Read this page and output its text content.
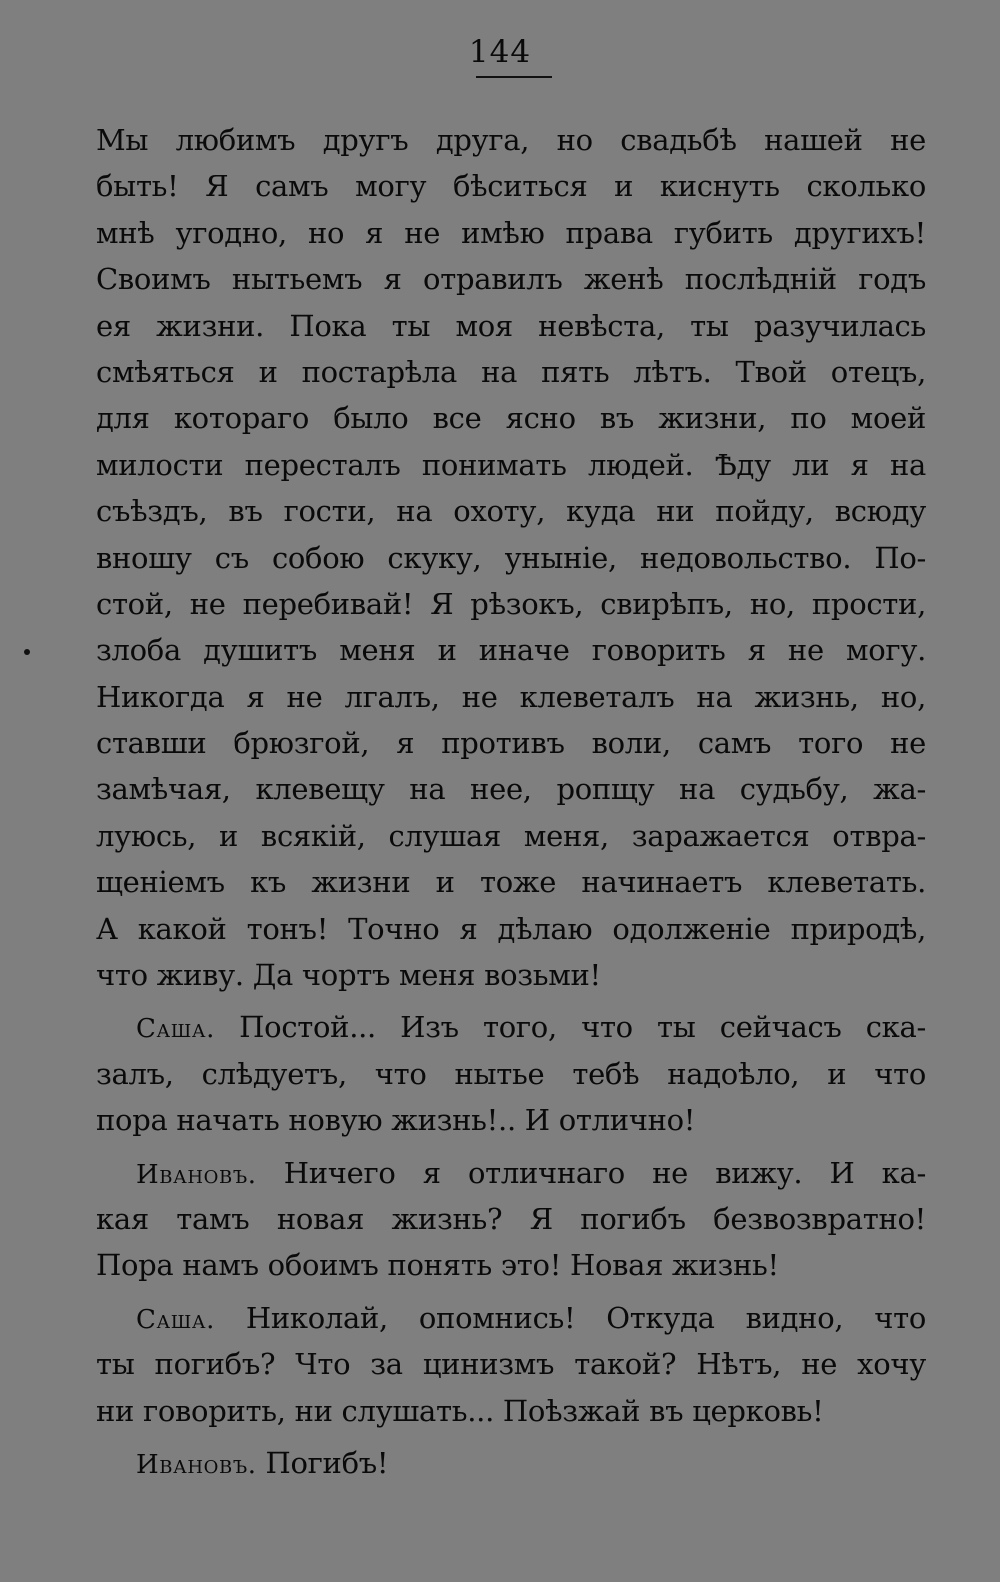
144
Мы любимъ другъ друга, но свадьбѣ нашей не
быть! Я самъ могу бѣситься и киснуть сколько
мнѣ угодно, но я не имѣю права губить другихъ!
Своимъ нытьемъ я отравилъ женѣ послѣдній годъ
ея жизни. Пока ты моя невѣста, ты разучилась
смѣяться и постарѣла на пять лѣтъ. Твой отецъ,
для котораго было все ясно въ жизни, по моей
милости пересталъ понимать людей. Ѣду ли я на
съѣздъ, въ гости, на охоту, куда ни пойду, всюду
вношу съ собою скуку, уныніе, недовольство. По-
стой, не перебивай! Я рѣзокъ, свирѣпъ, но, прости,
злоба душитъ меня и иначе говорить я не могу.
Никогда я не лгалъ, не клеветалъ на жизнь, но,
ставши брюзгой, я противъ воли, самъ того не
замѣчая, клевещу на нее, ропщу на судьбу, жа-
луюсь, и всякій, слушая меня, заражается отвра-
щеніемъ къ жизни и тоже начинаетъ клеветать.
А какой тонъ! Точно я дѣлаю одолженіе природѣ,
что живу. Да чортъ меня возьми!
Саша. Постой... Изъ того, что ты сейчасъ ска-
залъ, слѣдуетъ, что нытье тебѣ надоѣло, и что
пора начать новую жизнь!.. И отлично!
Ивановъ. Ничего я отличнаго не вижу. И ка-
кая тамъ новая жизнь? Я погибъ безвозвратно!
Пора намъ обоимъ понять это! Новая жизнь!
Саша. Николай, опомнись! Откуда видно, что
ты погибъ? Что за цинизмъ такой? Нѣтъ, не хочу
ни говорить, ни слушать... Поѣзжай въ церковь!
Ивановъ. Погибъ!
